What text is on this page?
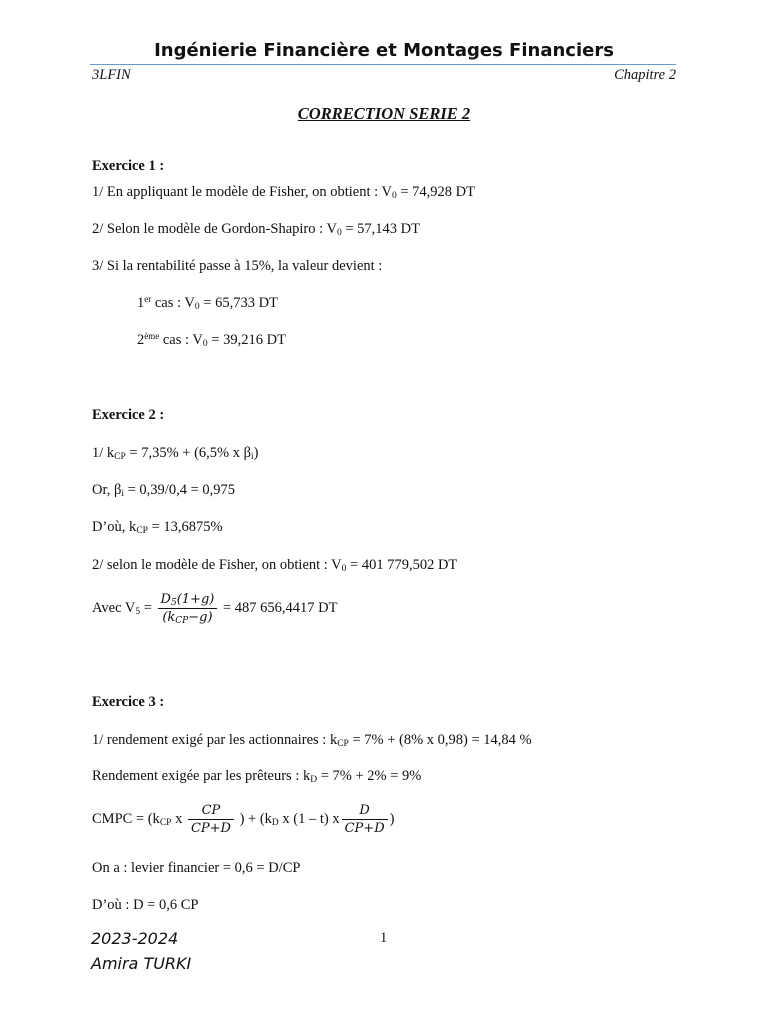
Ingénierie Financière et Montages Financiers
3LFIN	Chapitre 2
CORRECTION SERIE 2
Exercice 1 :
1/ En appliquant le modèle de Fisher, on obtient : $V_0 = 74,928$ DT
2/ Selon le modèle de Gordon-Shapiro : $V_0 = 57,143$ DT
3/ Si la rentabilité passe à 15%, la valeur devient :
1er cas : $V_0 = 65,733$ DT
2ème cas : $V_0 = 39,216$ DT
Exercice 2 :
1/ $k_{CP} = 7,35\% + (6,5\%$ x $\beta_i$)
Or, $\beta_i = 0,39/0,4 = 0,975$
D’où, $k_{CP} = 13,6875\%$
2/ selon le modèle de Fisher, on obtient : $V_0 = 401$ 779,502 DT
Avec $V_5 = \frac{D_5(1+g)}{(k_{CP}-g)} = 487$ 656,4417 DT
Exercice 3 :
1/ rendement exigé par les actionnaires : $k_{CP} = 7\% + (8\%$ x 0,98) = 14,84 %
Rendement exigée par les prêteurs : $k_D = 7\% + 2\% = 9\%$
CMPC = ($k_{CP}$ x $\frac{CP}{CP+D}$ ) + ($k_D$ x (1 – t) x $\frac{D}{CP+D}$ )
On a : levier financier = 0,6 = D/CP
D’où : D = 0,6 CP
2023-2024	1
Amira TURKI
